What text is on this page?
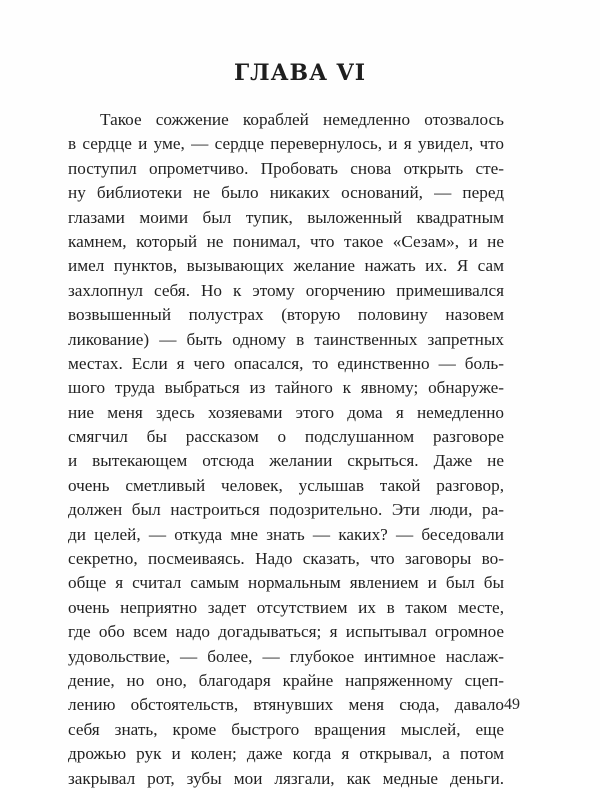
ГЛАВА VI
Такое сожжение кораблей немедленно отозвалось
в сердце и уме, — сердце перевернулось, и я увидел, что
поступил опрометчиво. Пробовать снова открыть сте-
ну библиотеки не было никаких оснований, — перед
глазами моими был тупик, выложенный квадратным
камнем, который не понимал, что такое «Сезам», и не
имел пунктов, вызывающих желание нажать их. Я сам
захлопнул себя. Но к этому огорчению примешивался
возвышенный полустрах (вторую половину назовем
ликование) — быть одному в таинственных запретных
местах. Если я чего опасался, то единственно — боль-
шого труда выбраться из тайного к явному; обнаруже-
ние меня здесь хозяевами этого дома я немедленно
смягчил бы рассказом о подслушанном разговоре
и вытекающем отсюда желании скрыться. Даже не
очень сметливый человек, услышав такой разговор,
должен был настроиться подозрительно. Эти люди, ра-
ди целей, — откуда мне знать — каких? — беседовали
секретно, посмеиваясь. Надо сказать, что заговоры во-
обще я считал самым нормальным явлением и был бы
очень неприятно задет отсутствием их в таком месте,
где обо всем надо догадываться; я испытывал огромное
удовольствие, — более, — глубокое интимное наслаж-
дение, но оно, благодаря крайне напряженному сцеп-
лению обстоятельств, втянувших меня сюда, давало
себя знать, кроме быстрого вращения мыслей, еще
дрожью рук и колен; даже когда я открывал, а потом
закрывал рот, зубы мои лязгали, как медные деньги.
49
